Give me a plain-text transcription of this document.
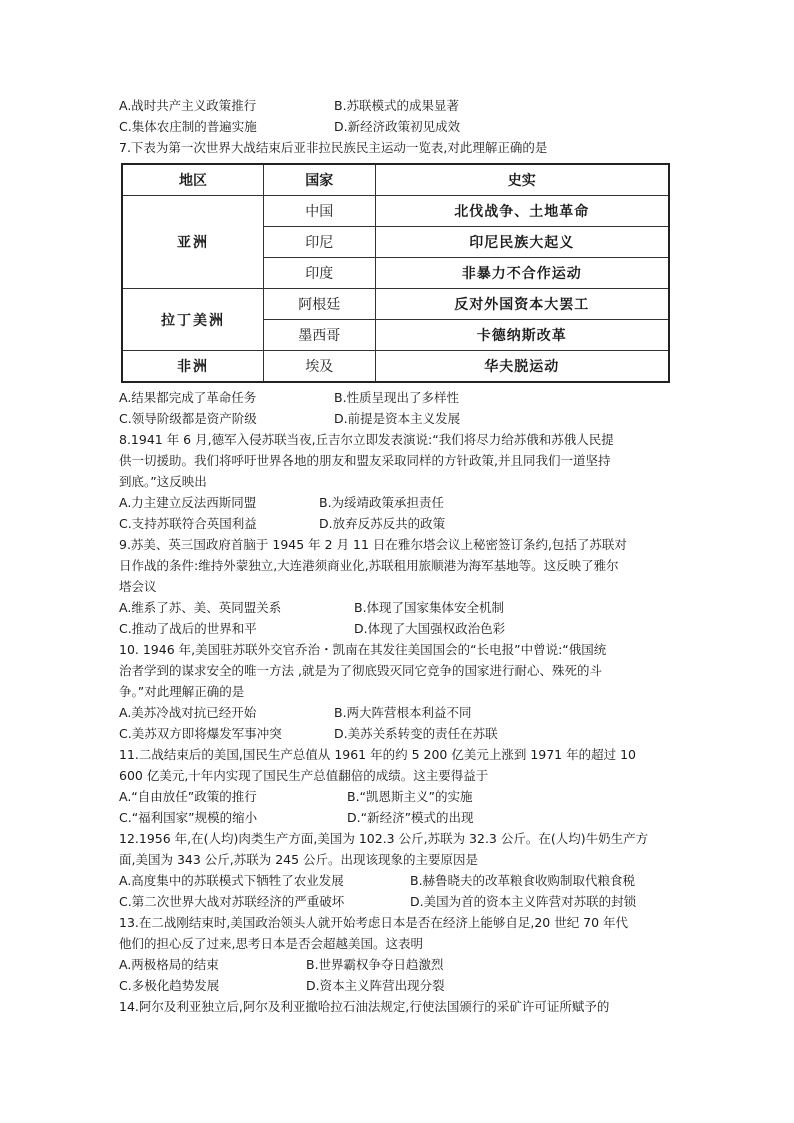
A.战时共产主义政策推行	B.苏联模式的成果显著
C.集体农庄制的普遍实施	D.新经济政策初见成效
7.下表为第一次世界大战结束后亚非拉民族民主运动一览表,对此理解正确的是
地区	国家	史实
亚洲	中国	北伐战争、土地革命
	印尼	印尼民族大起义
	印度	非暴力不合作运动
拉丁美洲	阿根廷	反对外国资本大罢工
	墨西哥	卡德纳斯改革
非洲	埃及	华夫脱运动
A.结果都完成了革命任务	B.性质呈现出了多样性
C.领导阶级都是资产阶级	D.前提是资本主义发展
8.1941 年 6 月,德军入侵苏联当夜,丘吉尔立即发表演说:“我们将尽力给苏俄和苏俄人民提
供一切援助。我们将呼吁世界各地的朋友和盟友采取同样的方针政策,并且同我们一道坚持
到底。”这反映出
A.力主建立反法西斯同盟	B.为绥靖政策承担责任
C.支持苏联符合英国利益	D.放弃反苏反共的政策
9.苏美、英三国政府首脑于 1945 年 2 月 11 日在雅尔塔会议上秘密签订条约,包括了苏联对
日作战的条件:维持外蒙独立,大连港须商业化,苏联租用旅顺港为海军基地等。这反映了雅尔
塔会议
A.维系了苏、美、英同盟关系	B.体现了国家集体安全机制
C.推动了战后的世界和平	D.体现了大国强权政治色彩
10. 1946 年,美国驻苏联外交官乔治・凯南在其发往美国国会的“长电报”中曾说:“俄国统
治者学到的谋求安全的唯一方法 ,就是为了彻底毁灭同它竞争的国家进行耐心、殊死的斗
争。”对此理解正确的是
A.美苏冷战对抗已经开始	B.两大阵营根本利益不同
C.美苏双方即将爆发军事冲突	D.美苏关系转变的责任在苏联
11.二战结束后的美国,国民生产总值从 1961 年的约 5 200 亿美元上涨到 1971 年的超过 10
600 亿美元,十年内实现了国民生产总值翻倍的成绩。这主要得益于
A.“自由放任”政策的推行	B.“凯恩斯主义”的实施
C.“福利国家”规模的缩小	D.“新经济”模式的出现
12.1956 年,在(人均)肉类生产方面,美国为 102.3 公斤,苏联为 32.3 公斤。在(人均)牛奶生产方
面,美国为 343 公斤,苏联为 245 公斤。出现该现象的主要原因是
A.高度集中的苏联模式下牺牲了农业发展	B.赫鲁晓夫的改革粮食收购制取代粮食税
C.第二次世界大战对苏联经济的严重破坏	D.美国为首的资本主义阵营对苏联的封锁
13.在二战刚结束时,美国政治领头人就开始考虑日本是否在经济上能够自足,20 世纪 70 年代
他们的担心反了过来,思考日本是否会超越美国。这表明
A.两极格局的结束	B.世界霸权争夺日趋激烈
C.多极化趋势发展	D.资本主义阵营出现分裂
14.阿尔及利亚独立后,阿尔及利亚撤哈拉石油法规定,行使法国颁行的采矿许可证所赋予的
